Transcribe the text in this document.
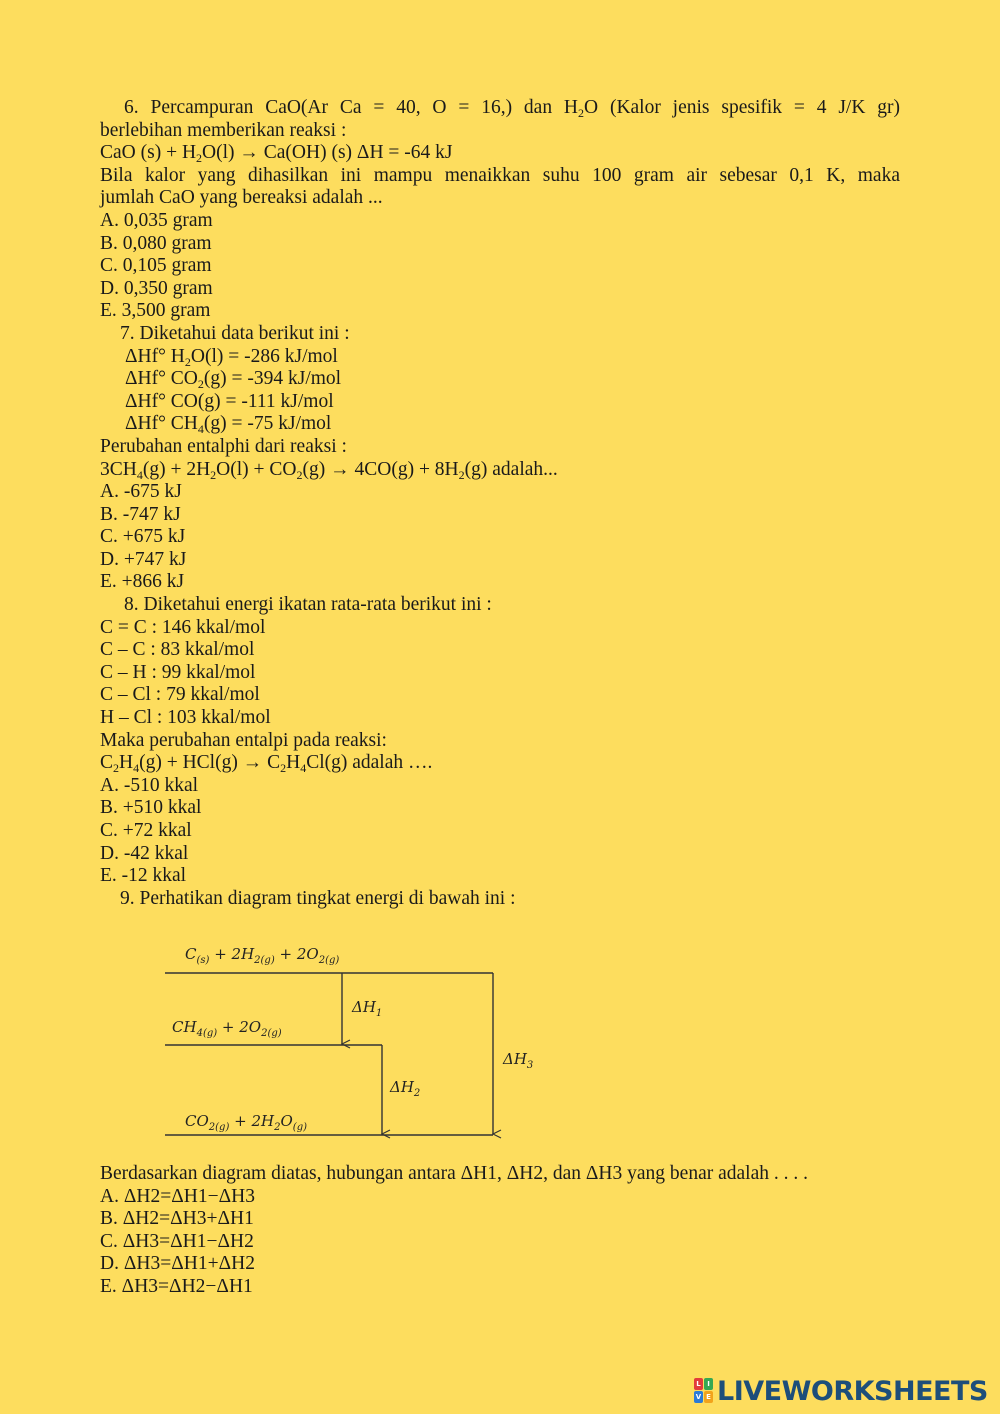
6. Percampuran CaO(Ar Ca = 40, O = 16,) dan $H_2O$ (Kalor jenis spesifik = 4 J/K gr)
berlebihan memberikan reaksi :
CaO $(s) + H_2O(l) \to Ca(OH)$ (s) ΔH = -64 kJ
Bila kalor yang dihasilkan ini mampu menaikkan suhu 100 gram air sebesar 0,1 K, maka
jumlah CaO yang bereaksi adalah ...
A. 0,035 gram
B. 0,080 gram
C. 0,105 gram
D. 0,350 gram
E. 3,500 gram
7. Diketahui data berikut ini :
ΔHf° $H_2O(l) = -286$ kJ/mol
ΔHf° $CO_2(g) = -394$ kJ/mol
ΔHf° CO(g) = -111 kJ/mol
ΔHf° $CH_4(g) = -75$ kJ/mol
Perubahan entalphi dari reaksi :
$3CH_4(g) + 2H_2O(l) + CO_2(g) \to 4CO(g) + 8H_2(g)$ adalah...
A. -675 kJ
B. -747 kJ
C. +675 kJ
D. +747 kJ
E. +866 kJ
8. Diketahui energi ikatan rata-rata berikut ini :
C = C : 146 kkal/mol
C – C : 83 kkal/mol
C – H : 99 kkal/mol
C – Cl : 79 kkal/mol
H – Cl : 103 kkal/mol
Maka perubahan entalpi pada reaksi:
$C_2H_4(g) + HCl(g) \to C_2H_4Cl(g)$ adalah ….
A. -510 kkal
B. +510 kkal
C. +72 kkal
D. -42 kkal
E. -12 kkal
9. Perhatikan diagram tingkat energi di bawah ini :
$C_{(s)} + 2H_{2(g)} + 2O_{2(g)}$
$CH_{4(g)} + 2O_{2(g)}$
$CO_{2(g)} + 2H_2O_{(g)}$
$\Delta H_1$
$\Delta H_2$
$\Delta H_3$
Berdasarkan diagram diatas, hubungan antara ΔH1, ΔH2, dan ΔH3 yang benar adalah . . . .
A. ΔH2=ΔH1−ΔH3
B. ΔH2=ΔH3+ΔH1
C. ΔH3=ΔH1−ΔH2
D. ΔH3=ΔH1+ΔH2
E. ΔH3=ΔH2−ΔH1
L I
V E LIVEWORKSHEETS
